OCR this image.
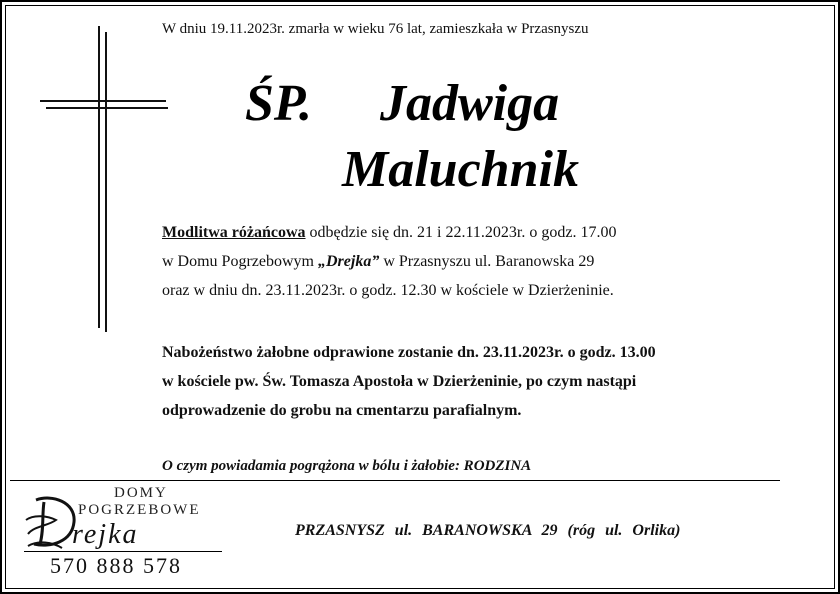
W dniu 19.11.2023r. zmarła w wieku 76 lat, zamieszkała w Przasnyszu
ŚP. Jadwiga
Maluchnik
Modlitwa różańcowa odbędzie się dn. 21 i 22.11.2023r. o godz. 17.00
w Domu Pogrzebowym „Drejka” w Przasnyszu ul. Baranowska 29
oraz w dniu dn. 23.11.2023r. o godz. 12.30 w kościele w Dzierżeninie.
Nabożeństwo żałobne odprawione zostanie dn. 23.11.2023r. o godz. 13.00
w kościele pw. Św. Tomasza Apostoła w Dzierżeninie, po czym nastąpi
odprowadzenie do grobu na cmentarzu parafialnym.
O czym powiadamia pogrążona w bólu i żałobie: RODZINA
DOMY
POGRZEBOWE
rejka
570 888 578
PRZASNYSZ ul. BARANOWSKA 29 (róg ul. Orlika)
